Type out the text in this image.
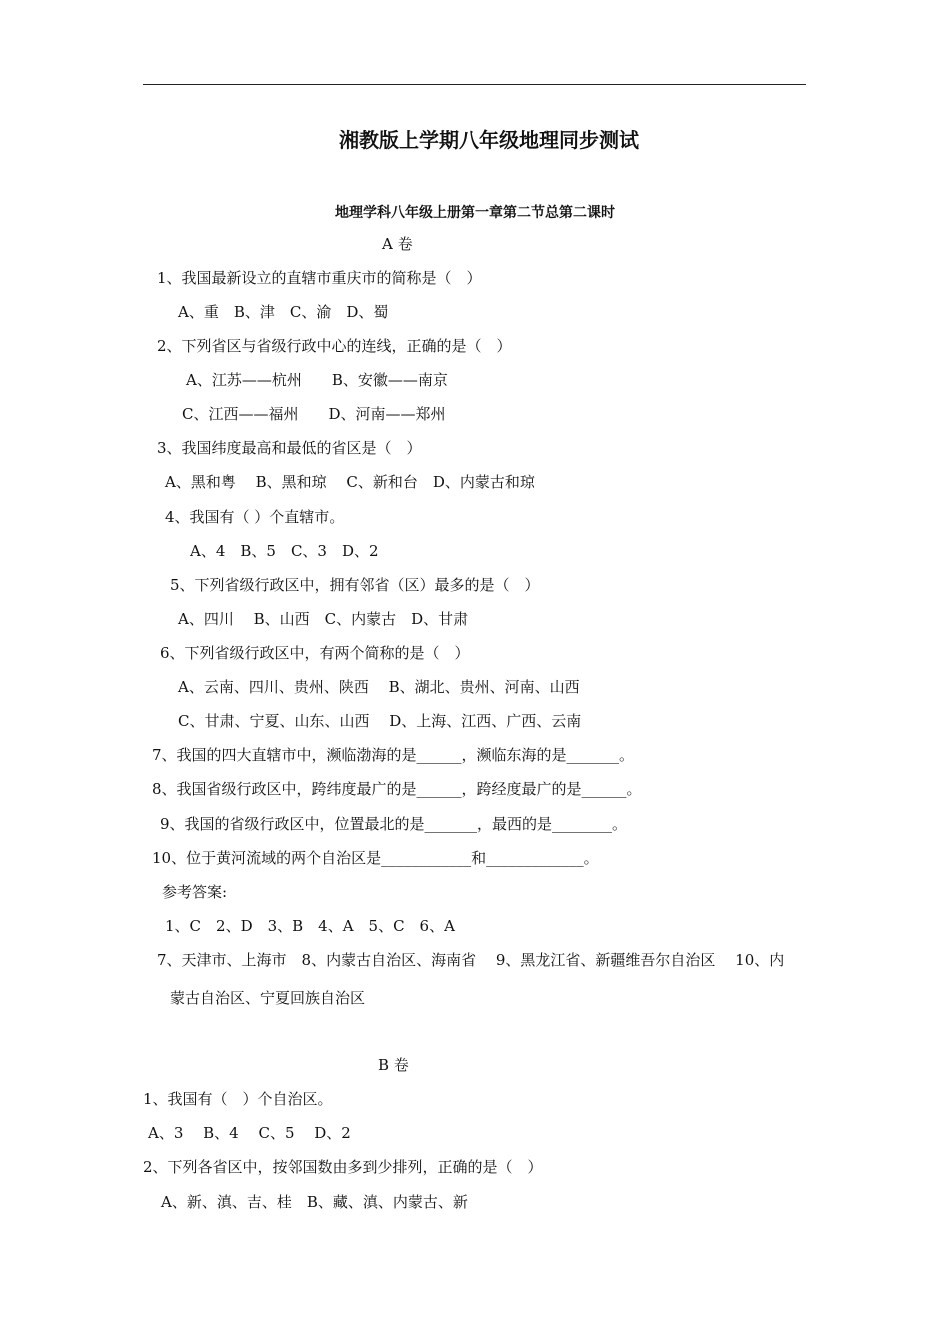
湘教版上学期八年级地理同步测试
地理学科八年级上册第一章第二节总第二课时
A 卷
1、我国最新设立的直辖市重庆市的简称是（　）
A、重　B、津　C、渝　D、蜀
2、下列省区与省级行政中心的连线，正确的是（　）
A、江苏——杭州　　B、安徽——南京
C、江西——福州　　D、河南——郑州
3、我国纬度最高和最低的省区是（　）
A、黑和粤　 B、黑和琼　 C、新和台　D、内蒙古和琼
4、我国有（ ）个直辖市。
A、4　B、5　C、3　D、2
5、下列省级行政区中，拥有邻省（区）最多的是（　）
A、四川　 B、山西　C、内蒙古　D、甘肃
6、下列省级行政区中，有两个简称的是（　）
A、云南、四川、贵州、陕西　 B、湖北、贵州、河南、山西
C、甘肃、宁夏、山东、山西　 D、上海、江西、广西、云南
7、我国的四大直辖市中，濒临渤海的是______，濒临东海的是_______。
8、我国省级行政区中，跨纬度最广的是______，跨经度最广的是______。
9、我国的省级行政区中，位置最北的是_______，最西的是________。
10、位于黄河流域的两个自治区是____________和_____________。
参考答案:
1、C　2、D　3、B　4、A　5、C　6、A
7、天津市、上海市　8、内蒙古自治区、海南省　 9、黑龙江省、新疆维吾尔自治区　 10、内
蒙古自治区、宁夏回族自治区
B 卷
1、我国有（　）个自治区。
A、3　 B、4　 C、5　 D、2
2、下列各省区中，按邻国数由多到少排列，正确的是（　）
A、新、滇、吉、桂　B、藏、滇、内蒙古、新
